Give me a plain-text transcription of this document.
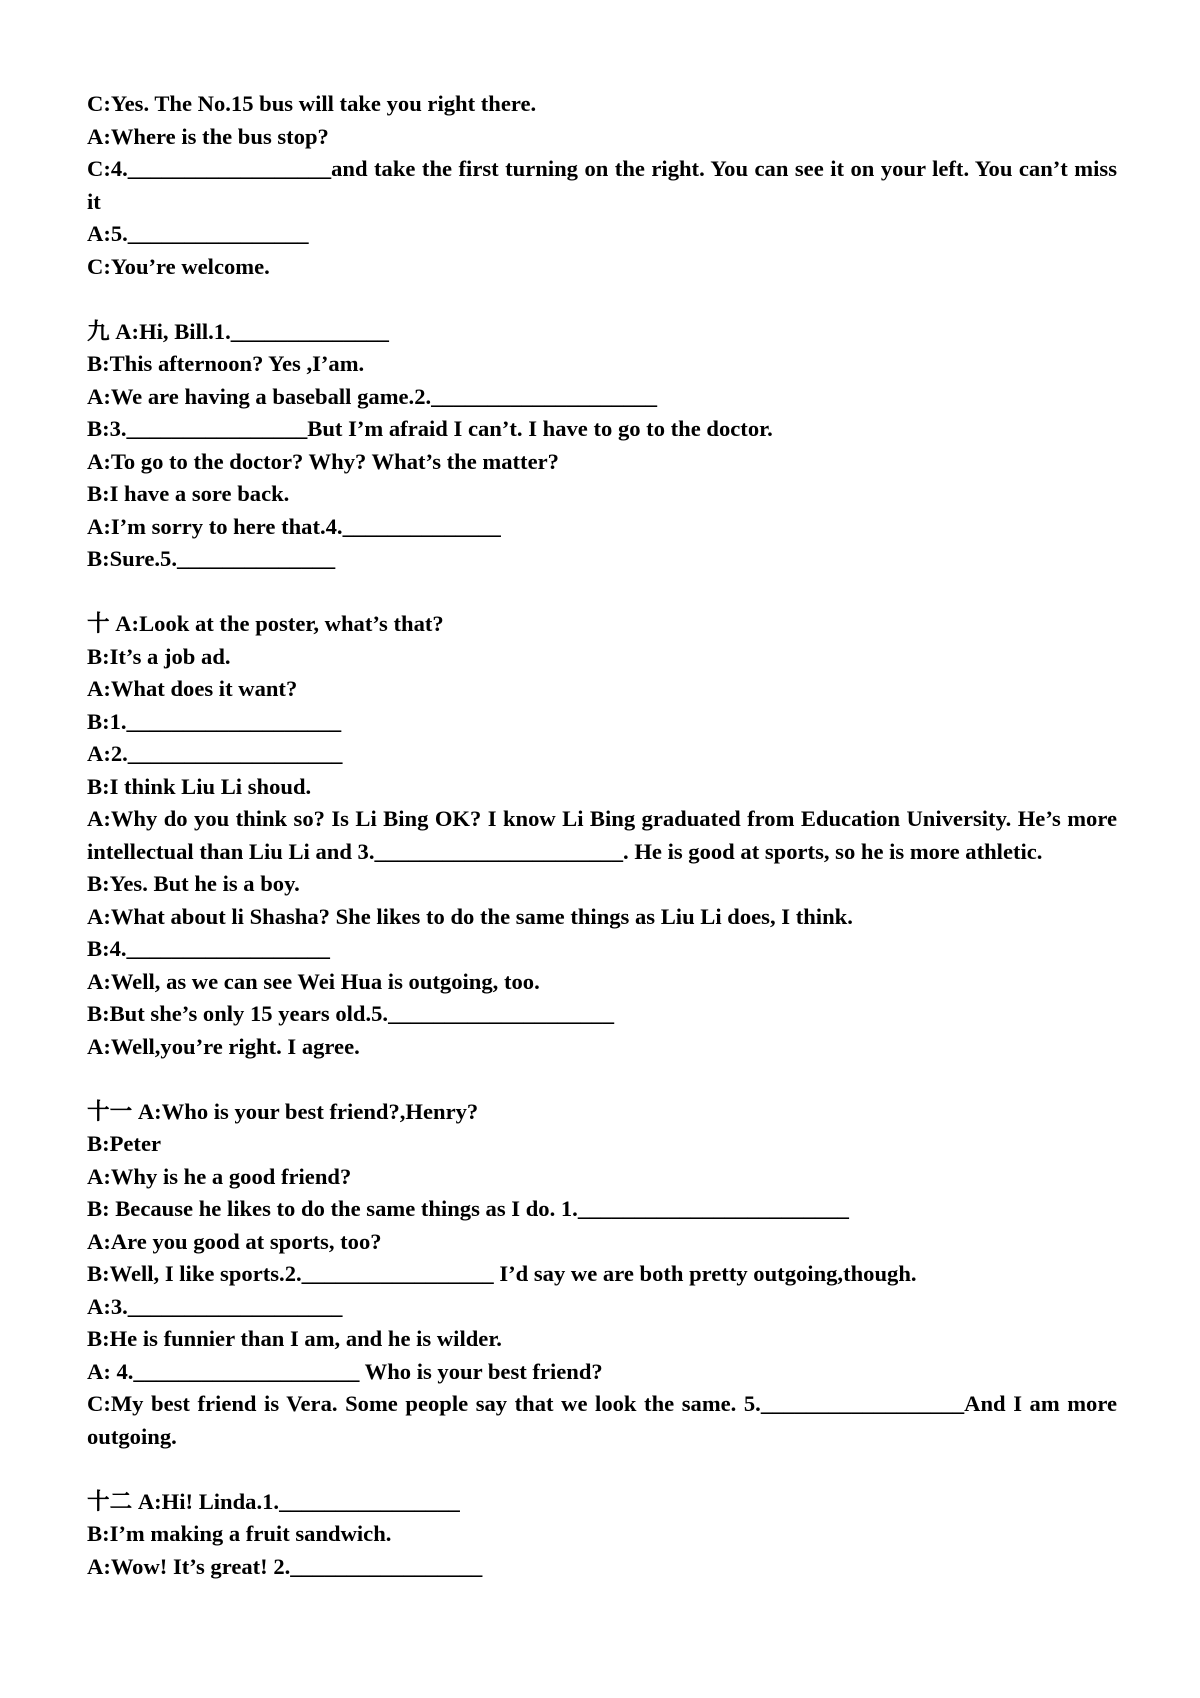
C:Yes. The No.15 bus will take you right there.
A:Where is the bus stop?
C:4.__________________and take the first turning on the right. You can see it on your left. You can’t miss it
A:5.________________
C:You’re welcome.
九 A:Hi, Bill.1.______________
B:This afternoon? Yes ,I’am.
A:We are having a baseball game.2.____________________
B:3.________________But I’m afraid I can’t. I have to go to the doctor.
A:To go to the doctor? Why? What’s the matter?
B:I have a sore back.
A:I’m sorry to here that.4.______________
B:Sure.5.______________
十 A:Look at the poster, what’s that?
B:It’s a job ad.
A:What does it want?
B:1.___________________
A:2.___________________
B:I think Liu Li shoud.
A:Why do you think so? Is Li Bing OK? I know Li Bing graduated from Education University. He’s more intellectual than Liu Li and 3.______________________. He is good at sports, so he is more athletic.
B:Yes. But he is a boy.
A:What about li Shasha? She likes to do the same things as Liu Li does, I think.
B:4.__________________
A:Well, as we can see Wei Hua is outgoing, too.
B:But she’s only 15 years old.5.____________________
A:Well,you’re right. I agree.
十一 A:Who is your best friend?,Henry?
B:Peter
A:Why is he a good friend?
B: Because he likes to do the same things as I do. 1.________________________
A:Are you good at sports, too?
B:Well, I like sports.2._________________ I’d say we are both pretty outgoing,though.
A:3.___________________
B:He is funnier than I am, and he is wilder.
A: 4.____________________ Who is your best friend?
C:My best friend is Vera. Some people say that we look the same. 5.__________________And I am more outgoing.
十二 A:Hi! Linda.1.________________
B:I’m making a fruit sandwich.
A:Wow! It’s great! 2._________________
